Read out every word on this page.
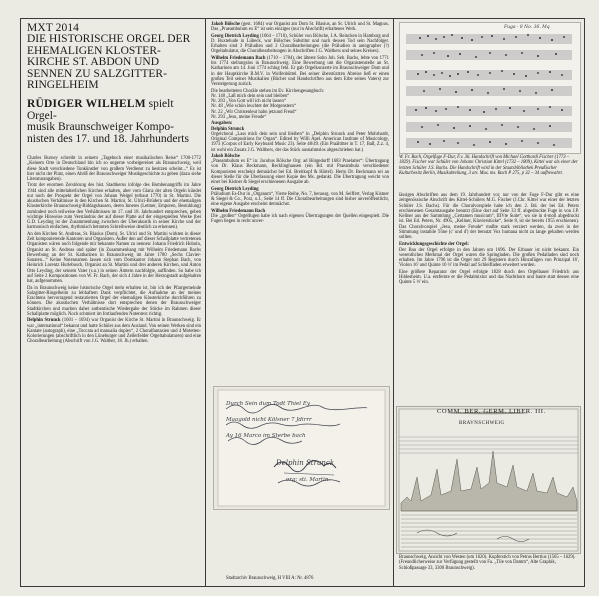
MXT 2014

DIE HISTORISCHE ORGEL DER

EHEMALIGEN KLOSTER-

KIRCHE ST. ABDON UND

SENNEN ZU SALZGITTER-

RINGELHEIM

RÜDIGER WILHELM spielt Orgel-
musik Braunschweiger Kompo-
nisten des 17. und 18. Jahrhunderts

Charles Burney schreibt in seinem „Tagebuch einer musikalischen Reise“ 1700-1772 „Keinem Orte in Deutschland bin ich so ungerne vorbeigereiset als Braunschweig, weil diese Stadt verschiedene Tonkünstler von großem Verdienst zu besitzen scheint...“ Es ist hier nicht der Platz, einen Abriß der Braunschweiger Musikgeschichte zu geben (dazu siehe Literaturangaben).

Trotz der enormen Zerstörung des hist. Stadtkerns infolge des Bombenangriffs im Jahre 1944 sind alle mittelalterlichen Kirchen erhalten, aber vom Glanz der alten Orgeln kündet nur noch der Prospekt der Orgel von Johann Weigel (erbaut 1770) in St. Martini. Die akustischen Verhältnisse in den Kirchen St. Martini, St. Ulrici-Brüdern und der ehemaligen Klosterkirche Braunschweig-Riddagshausen, deren Inneres (Lettner, Emporen, Bestuhlung) zumindest noch teilweise den Verhältnissen im 17. und 18. Jahrhundert entsprechen, geben wichtige Hinweise zum Verständnis der auf dieser Platte auf der eingespielten Werke (bei G.D. Leyding ist der Zusammenhang zwischen der Überakustik in seiner Kirche und der harmonisch einfachen, rhythmisch betonten Schreibweise deutlich zu erkennen).

An den Kirchen St. Andreas, St. Blasius (Dom), St. Ulrici und St. Martini wirkten in dieser Zeit komponierende Kantoren und Organisten. Außer den auf dieser Schallplatte vertretenen Organisten wären noch folgende mir bekannte Namen zu nennen: Johann Friedrich Hoboin, Organist an St. Andreas und später (in Zusammenhang mit Wilhelm Friedemann Bachs Bewerbung an der St. Katharinen in Braunschweig im Jahre 1780 „Sechs Clavier-Sonaten...“ Keine Notennamen lassen sich vom Domkantor Johann Stephan Bach, von Heinrich Lorentz Hurlebusch, Organist an St. Martini und drei anderen Kirchen, und Anton Otto Leyding, der seinem Vater (s.u.) in seinen Ämtern nachfolgte, auffinden. So habe ich auf Seite 2 Kompositionen von W. Fr. Bach, der sich 4 Jahre in der Herzogstadt aufgehalten hat, aufgenommen.

Da in Braunschweig keine historische Orgel mehr erhalten ist, bin ich der Pfarrgemeinde Salzgitter-Ringelheim zu lebhaftem Dank verpflichtet, die Aufnahme an der meines Erachtens hervorragend restaurierten Orgel der ehemaligen Klosterkirche durchführen zu können. Die akustischen Verhältnisse dort entsprechen denen der Braunschweiger Stadtkirchen und machen daher authentische Wiedergabe der Stücke im Rahmen dieser Schallplatte möglich. Noch schmiert im fortlaufenden Notentext richtig.

Delphin Strunck (1601 – 1694) war Organist der Kirche St. Martini in Braunschweig. Er war „international“ bekannt und hatte Schüler aus dem Ausland. Von seinen Werken sind ein Kantate (autograph), eine „Toccata ad manualia duplex“, 2 Choralfantasien und 4 Motetten-Kolorierungen (abschriftlich in den Lüneburger und Zellerfelder Orgeltabulaturen) und eine Choralbearbeitung (Abschrift von J.G. Walther, 18. Jh.) erhalten.

Jakob Bölsche (gest. 1684) war Organist am Dom St. Blasius, an St. Ulrich und St. Magnus. Das „Praeambulum ex E“ ist sein einziges (nur in Abschrift) erhaltenes Werk.

Georg Dietrich Leyding (1664 – 1710), Schüler von Bölsche, J.A. Reincken in Hamburg und D. Buxtehude in Lübeck, war Bölsches Substitut und nach dessen Tod sein Nachfolger. Erhalten sind 3 Präludien und 2 Choralbearbeitungen (die Präludien in autographer (?) Orgeltabulatur, die Choralbearbeitungen in Abschriften J.G. Walthers und seines Kreises).

Wilhelm Friedemann Bach (1710 – 1784), der älteste Sohn Joh. Seb. Bachs, lebte von 1771 bis 1774 stellungslos in Braunschweig. Eine Bewerbung um die Organistenstelle an St. Katharinen am 14. Juni 1774 schlug fehl. Er gab Orgelkonzerte im Braunschweiger Dom und in der Hauptkirche B.M.V. in Wolfenbüttel. Bei seiner überstürzten Abreise ließ er einen großen Teil seiner Musikalien (Bücher und Handschriften aus dem Erbe seines Vaters) zur Versteigerung zurück.

Die bearbeiteten Choräle stehen im Ev. Kirchengesangbuch:

Nr. 140 „Laß mich dein sein und bleiben“
Nr. 283 „Von Gott will ich nicht lassen“
Nr. 48 „Wie schön leuchtet der Morgenstern“
Nr. 22 „Wir Christenleut habn jetzund Freud“
Nr. 293 „Jesu, meine Freude“

Ausgaben:

Delphin Strunck

Orgelchoral „Lass mich dein sein und bleiben“ in „Delphin Strunck and Peter Mohrhardt, Original Compositions for Organ“. Edited by Willi Apel. American Institute of Musicology, 1973 (Corpus of Early Keyboard Music 23). Seite 48/49. (Ein Praältitter in T. 17, Baß, Z.z. 4, ist wohl ein Zusatz J.G. Walthers, der das Stück ausnahmslos abgeschrieben hat.)

Jakob Bölsche

„Praeambulum ex E“ in: Jacobus Bölsche Org: ad Bürgedorff 1683 Praelatier“: Übertragung von Dr. Klaus Beckmann, Recklinghausen (ein Bd. mit Praeambula verschiedener Komponisten erscheint demnächst bei Ed. Breitkopf & Härtel). Herrn Dr. Beckmann sei an dieser Stelle für die Überlassung einer Kopie des Ms. gedankt. Die Übertragung weicht von einer bei Kistner & Siegel erschienenen Ausgabe ab.

Georg Dietrich Leyding

Präludium Es-Dur in „Organum“, Vierte Reihe, No. 7, herausg. von M. Seiffert, Verlag Kistner & Siegel & Co., Porz, o.J., Seite 14 ff. Die Choralbearbeitungen sind bisher unveröffentlicht, eine eigene Ausgabe erscheint demnächst.

Wilhelm Friedemann Bach

Die „großen“ Orgelfugen habe ich nach eigenen Übertragungen der Quellen eingespielt. Die Fugen liegen in recht unver-

Durch Sein dum Todt Thiel Ey
Maagold nicht Kölsner 7 Jdirrr
Ay 16 Marco im Sterbe bach
Delphin Strunck
org: sti. Martin.
Stadtarchiv Braunschweig, H VIII A: Nr. 4876
Fuga · 8 No. 36. Mq
W. Fr. Bach, Orgelfuge F-Dur, F.v. 36. Handschrift von Michael Gotthardi Fischer (1773 – 1829). Fischer war Schüler von Johann Christian Kittel (1732 – 1809), Kittel war als einer der letzten Schüler J.S. Bachs. Die Handschrift wird in der Staatsbibliothek Preußischer Kulturbesitz Berlin, Musikabteilung, 3 an: Mus. ms. Bach P 275, p 32 – 34 aufbewahrt.

lässigen Abschriften aus dem 19. Jahrhundert vor, nur von der Fuge F-Dur gibt es eine zeitgenössische Abschrift des Kittel-Schülers M.G. Fischer (J.Chr. Kittel war einer der letzten Schüler J.S. Bachs). Für die Choralvorspiele habe ich den 2. Bd. der bei Ed. Peters erschienenen Gesamtausgabe benutzt (Eine dort auf Seite 33 ff. abgedruckte Fuge in von J.P. Kellner aus der Sammlung „Certamen musicum“, IIIVte Suite“, wo sie in d-moll abgedruckt ist. Bei Ed. Peters, Nr. 4905, „Kellner, Klavierstücke“, Seite 8, ist sie bereits 1955 erschienen). Das Choralvorspiel „Jesu, meine Freude“ mußte stark verziert werden, da zwei in der Stimmung instabile Töne (c' und d') der benutzt Vox humana nicht zu lange gehalten werden sollten.

Entwicklungsgeschichte der Orgel:

Der Bau der Orgel erfolgte in den Jahren um 1696. Der Erbauer ist nicht bekannt. Ein wesentliches Merkmal der Orgel waren die Springladen. Die großen Pedalladen sind noch erhalten. Im Jahre 1796 ist die Orgel mit 29 Registern durch Hinzufügen von Prinzipal 16', Violon 16' und Quinte 10 ⅔' im Pedal auf Schleifladen erweitert worden.

Eine größere Reparatur der Orgel erfolgte 1828 durch den Orgelbauer Friedrich aus Hildesheim. U.a. entfernte er die Pedalmixtur und das Nachthorn und baute statt dessen eine Quinte 5 ⅓' ein.

COMM. BER. GERM. LIBER. III.
BRAVNSCHWEIG
Braunschweig, Ansicht von Westen (um 1620). Kupferstich von Petrus Bertius (1565 – 1629). (Freundlicherweise zur Verfügung gestellt von Fa. „Tile von Damm“, Alte Graphik, Schloßpassage 33, 3300 Braunschweig).
